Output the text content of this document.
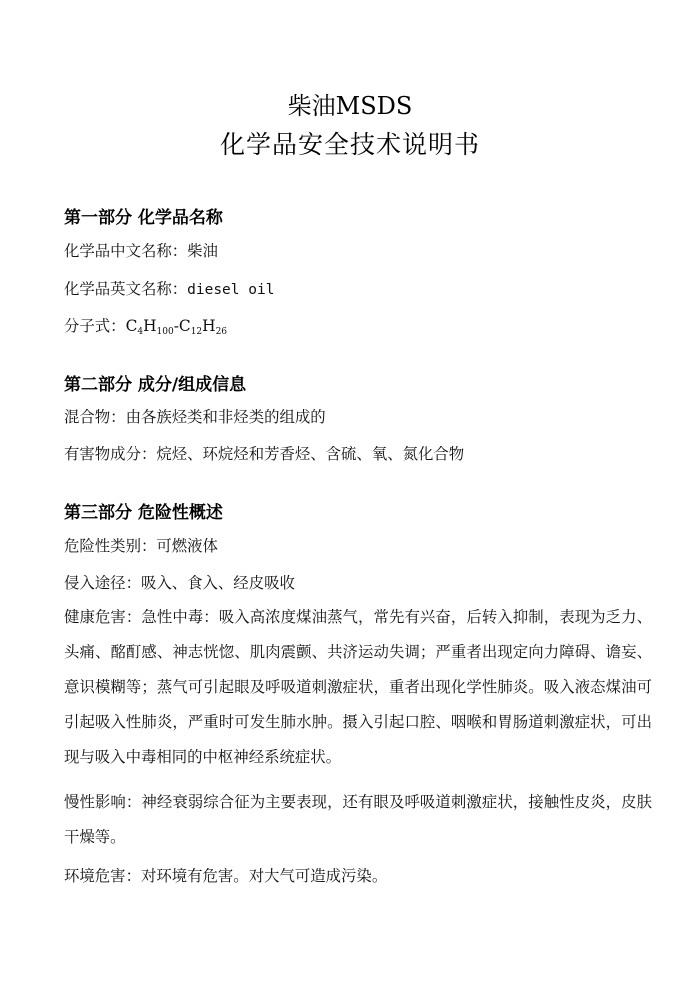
柴油MSDS
化学品安全技术说明书
第一部分 化学品名称
化学品中文名称：柴油
化学品英文名称：diesel oil
分子式：$C_4H_{100}-C_{12}H_{26}$
第二部分 成分/组成信息
混合物：由各族烃类和非烃类的组成的
有害物成分：烷烃、环烷烃和芳香烃、含硫、氧、氮化合物
第三部分 危险性概述
危险性类别：可燃液体
侵入途径：吸入、食入、经皮吸收
健康危害：急性中毒：吸入高浓度煤油蒸气，常先有兴奋，后转入抑制，表现为乏力、头痛、酩酊感、神志恍惚、肌肉震颤、共济运动失调；严重者出现定向力障碍、谵妄、意识模糊等；蒸气可引起眼及呼吸道刺激症状，重者出现化学性肺炎。吸入液态煤油可引起吸入性肺炎，严重时可发生肺水肿。摄入引起口腔、咽喉和胃肠道刺激症状，可出现与吸入中毒相同的中枢神经系统症状。
慢性影响：神经衰弱综合征为主要表现，还有眼及呼吸道刺激症状，接触性皮炎，皮肤干燥等。
环境危害：对环境有危害。对大气可造成污染。
